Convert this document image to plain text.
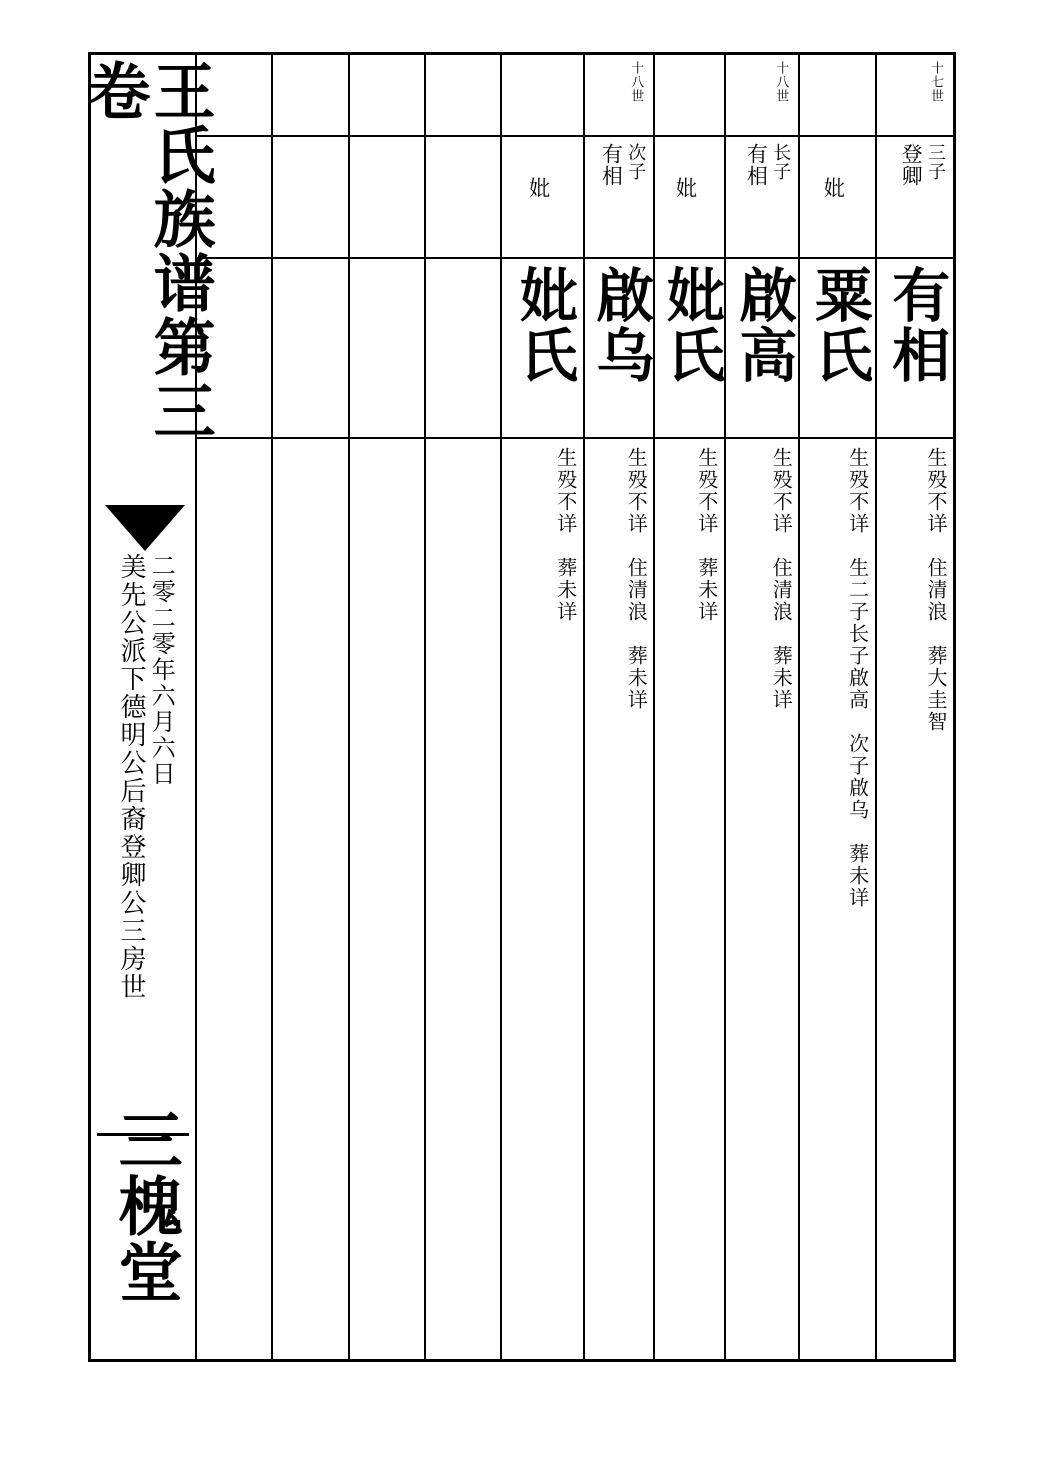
王氏族谱第三卷
美先公派下德明公后裔登卿公三房世 二零二零年六月六日
三槐堂
妣
妣氏
生殁不详　葬未详
十八世
有相 次子
啟乌
生殁不详　住清浪　葬未详
妣
妣氏
生殁不详　葬未详
十八世
有相 长子
啟高
生殁不详　住清浪　葬未详
妣
粟氏
生殁不详　生二子长子啟高　次子啟乌　葬未详
十七世
登卿 三子
有相
生殁不详　住清浪　葬大圭智
